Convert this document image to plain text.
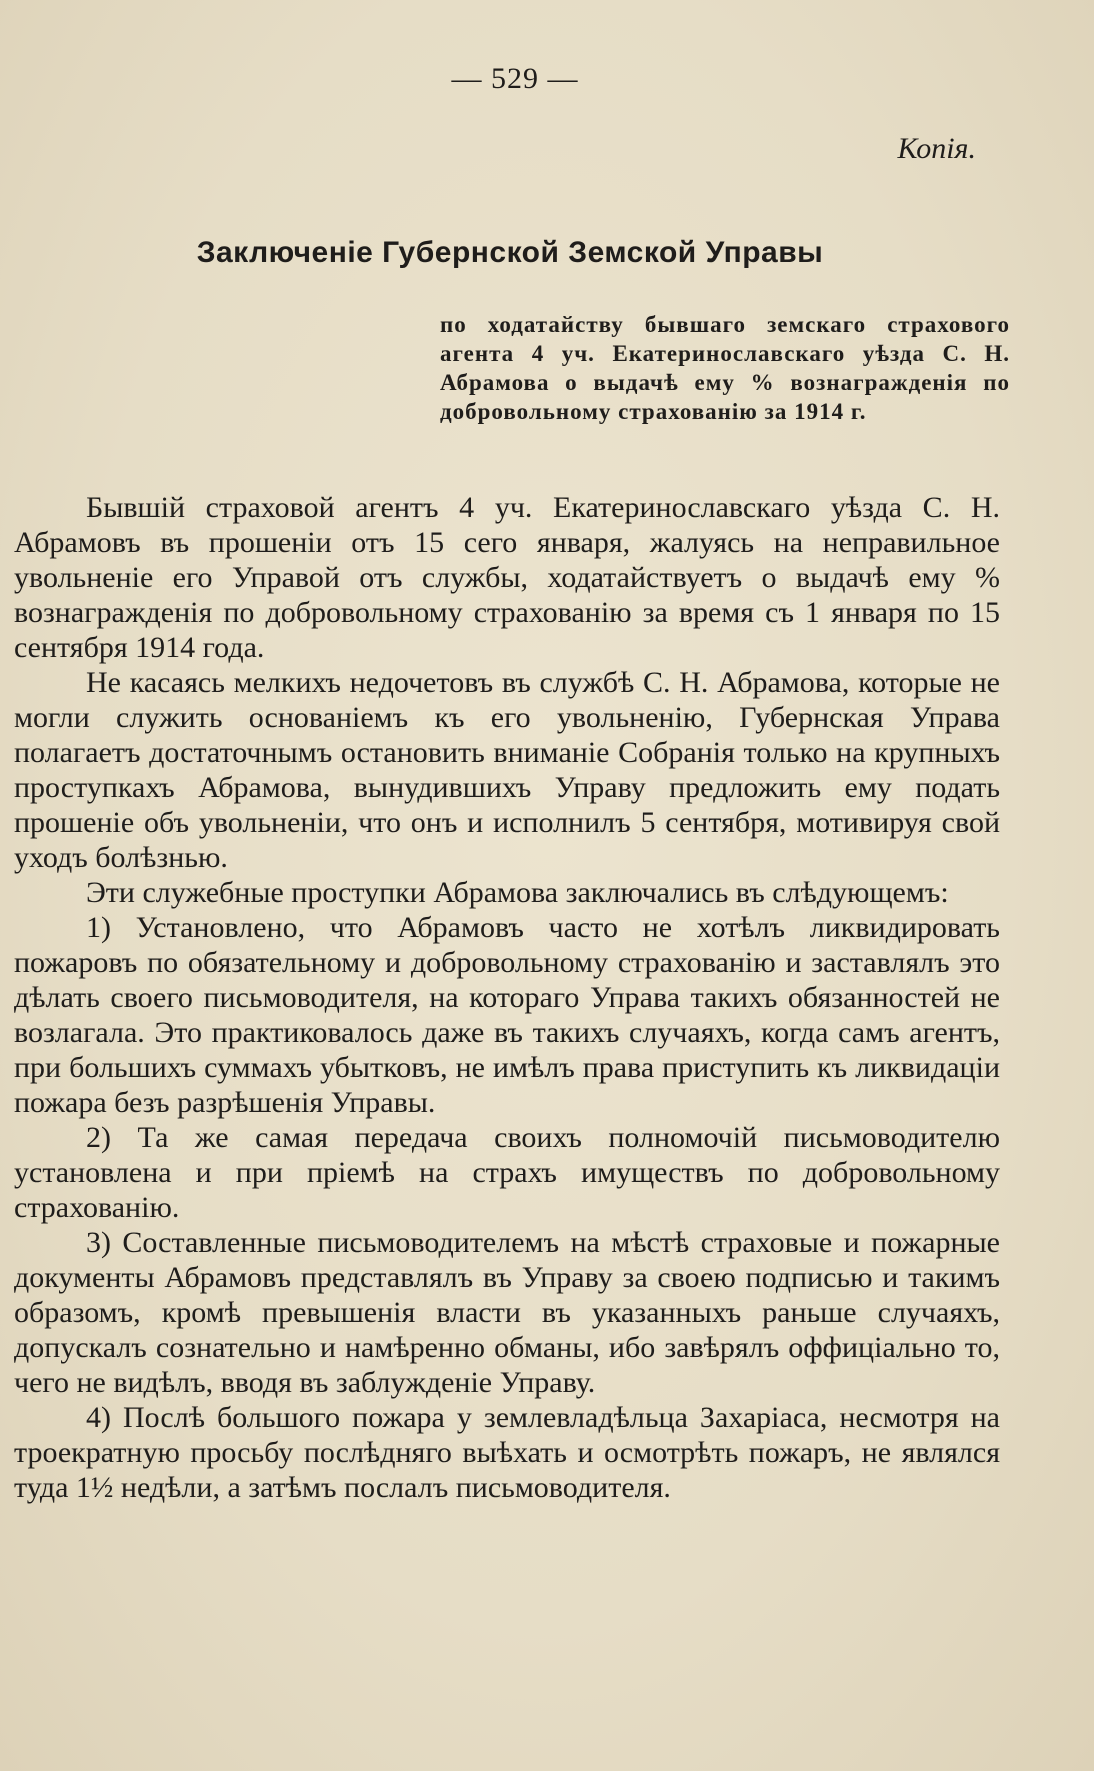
— 529 —
Копія.
Заключеніе Губернской Земской Управы
по ходатайству бывшаго земскаго страхового агента 4 уч. Екатеринославскаго уѣзда С. Н. Абрамова о выдачѣ ему % вознагражденія по добровольному страхованію за 1914 г.

Бывшій страховой агентъ 4 уч. Екатеринославскаго уѣзда С. Н. Абрамовъ въ прошеніи отъ 15 сего января, жалуясь на неправильное увольненіе его Управой отъ службы, ходатайствуетъ о выдачѣ ему % вознагражденія по добровольному страхованію за время съ 1 января по 15 сентября 1914 года.

Не касаясь мелкихъ недочетовъ въ службѣ С. Н. Абрамова, которые не могли служить основаніемъ къ его увольненію, Губернская Управа полагаетъ достаточнымъ остановить вниманіе Собранія только на крупныхъ проступкахъ Абрамова, вынудившихъ Управу предложить ему подать прошеніе объ увольненіи, что онъ и исполнилъ 5 сентября, мотивируя свой уходъ болѣзнью.

Эти служебные проступки Абрамова заключались въ слѣдующемъ:

1) Установлено, что Абрамовъ часто не хотѣлъ ликвидировать пожаровъ по обязательному и добровольному страхованію и заставлялъ это дѣлать своего письмоводителя, на котораго Управа такихъ обязанностей не возлагала. Это практиковалось даже въ такихъ случаяхъ, когда самъ агентъ, при большихъ суммахъ убытковъ, не имѣлъ права приступить къ ликвидаціи пожара безъ разрѣшенія Управы.

2) Та же самая передача своихъ полномочій письмоводителю установлена и при пріемѣ на страхъ имуществъ по добровольному страхованію.

3) Составленные письмоводителемъ на мѣстѣ страховые и пожарные документы Абрамовъ представлялъ въ Управу за своею подписью и такимъ образомъ, кромѣ превышенія власти въ указанныхъ раньше случаяхъ, допускалъ сознательно и намѣренно обманы, ибо завѣрялъ оффиціально то, чего не видѣлъ, вводя въ заблужденіе Управу.

4) Послѣ большого пожара у землевладѣльца Захаріаса, несмотря на троекратную просьбу послѣдняго выѣхать и осмотрѣть пожаръ, не являлся туда 1½ недѣли, а затѣмъ послалъ письмоводителя.
